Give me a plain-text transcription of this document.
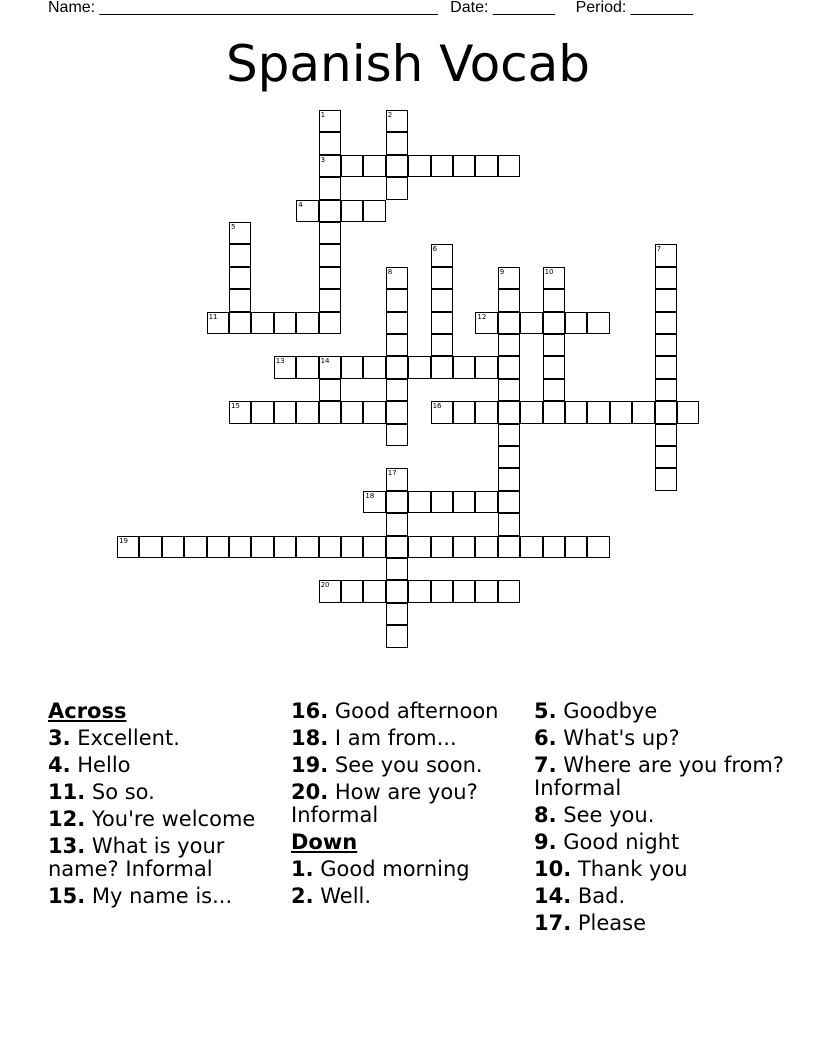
Name: ______________________________________ Date: _______ Period: _______
Spanish Vocab
1
3
2
4
5
6	7
8	9	10
11	12
13	14
15	16
17
18
19
20
Across
3. Excellent.
4. Hello
11. So so.
12. You're welcome
13. What is your name? Informal
15. My name is...
16. Good afternoon
18. I am from...
19. See you soon.
20. How are you? Informal
Down
1. Good morning
2. Well.
5. Goodbye
6. What's up?
7. Where are you from? Informal
8. See you.
9. Good night
10. Thank you
14. Bad.
17. Please
